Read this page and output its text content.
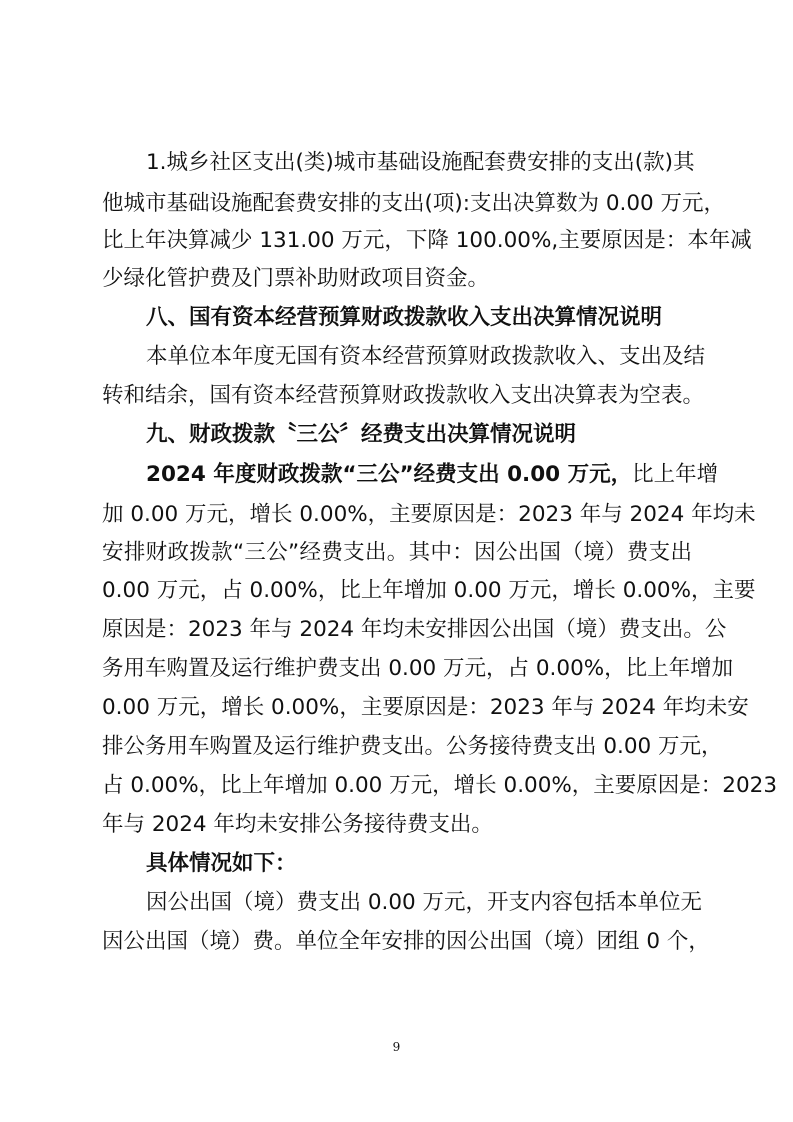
1.城乡社区支出(类)城市基础设施配套费安排的支出(款)其
他城市基础设施配套费安排的支出(项):支出决算数为 0.00 万元，
比上年决算减少 131.00 万元，下降 100.00%,主要原因是：本年减
少绿化管护费及门票补助财政项目资金。
八、国有资本经营预算财政拨款收入支出决算情况说明
本单位本年度无国有资本经营预算财政拨款收入、支出及结
转和结余，国有资本经营预算财政拨款收入支出决算表为空表。
九、财政拨款〝三公〞经费支出决算情况说明
2024 年度财政拨款“三公”经费支出 0.00 万元，比上年增
加 0.00 万元，增长 0.00%，主要原因是：2023 年与 2024 年均未
安排财政拨款“三公”经费支出。其中：因公出国（境）费支出
0.00 万元，占 0.00%，比上年增加 0.00 万元，增长 0.00%，主要
原因是：2023 年与 2024 年均未安排因公出国（境）费支出。公
务用车购置及运行维护费支出 0.00 万元，占 0.00%，比上年增加
0.00 万元，增长 0.00%，主要原因是：2023 年与 2024 年均未安
排公务用车购置及运行维护费支出。公务接待费支出 0.00 万元，
占 0.00%，比上年增加 0.00 万元，增长 0.00%，主要原因是：2023
年与 2024 年均未安排公务接待费支出。
具体情况如下：
因公出国（境）费支出 0.00 万元，开支内容包括本单位无
因公出国（境）费。单位全年安排的因公出国（境）团组 0 个，
9
